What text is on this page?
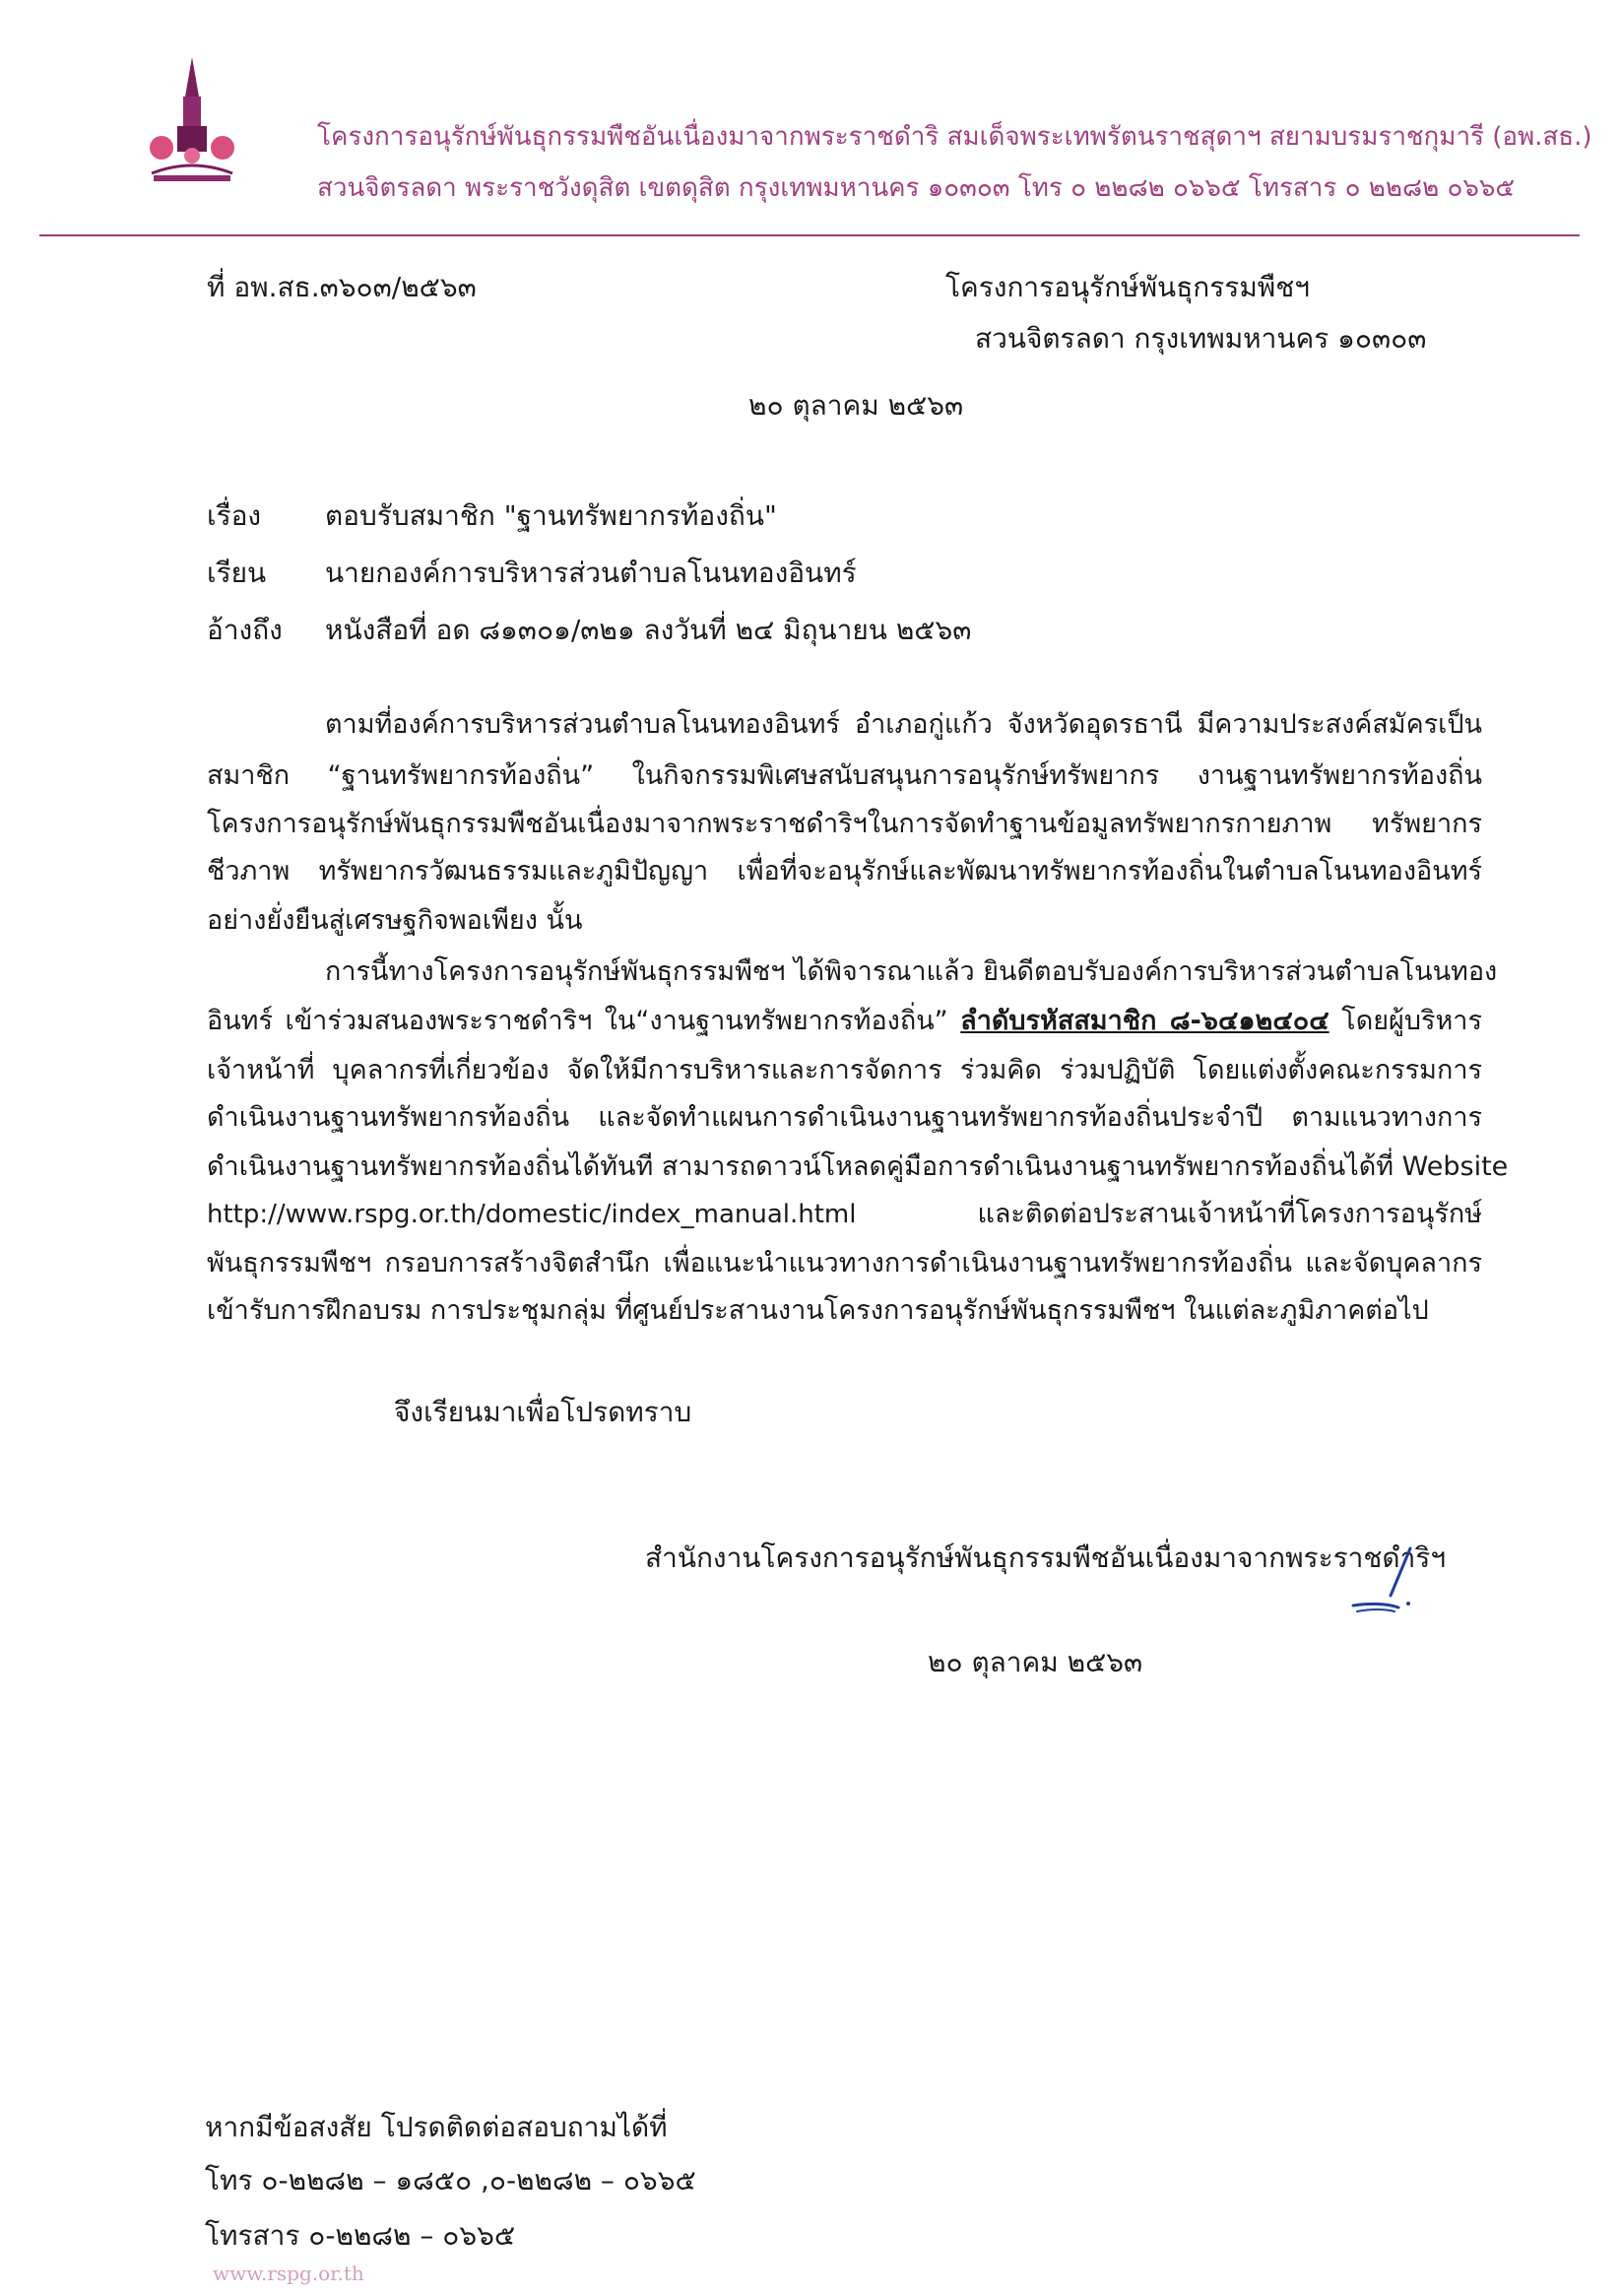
โครงการอนุรักษ์พันธุกรรมพืชอันเนื่องมาจากพระราชดำริ สมเด็จพระเทพรัตนราชสุดาฯ สยามบรมราชกุมารี (อพ.สธ.)
สวนจิตรลดา พระราชวังดุสิต เขตดุสิต กรุงเทพมหานคร ๑๐๓๐๓ โทร ๐ ๒๒๘๒ ๐๖๖๕ โทรสาร ๐ ๒๒๘๒ ๐๖๖๕
ที่ อพ.สธ.๓๖๐๓/๒๕๖๓	โครงการอนุรักษ์พันธุกรรมพืชฯ
สวนจิตรลดา กรุงเทพมหานคร ๑๐๓๐๓
๒๐ ตุลาคม ๒๕๖๓
เรื่อง ตอบรับสมาชิก "ฐานทรัพยากรท้องถิ่น"
เรียน นายกองค์การบริหารส่วนตำบลโนนทองอินทร์
อ้างถึง หนังสือที่ อด ๘๑๓๐๑/๓๒๑ ลงวันที่ ๒๔ มิถุนายน ๒๕๖๓
ตามที่องค์การบริหารส่วนตำบลโนนทองอินทร์ อำเภอกู่แก้ว จังหวัดอุดรธานี มีความประสงค์สมัครเป็น
สมาชิก “ฐานทรัพยากรท้องถิ่น” ในกิจกรรมพิเศษสนับสนุนการอนุรักษ์ทรัพยากร งานฐานทรัพยากรท้องถิ่น
โครงการอนุรักษ์พันธุกรรมพืชอันเนื่องมาจากพระราชดำริฯในการจัดทำฐานข้อมูลทรัพยากรกายภาพ ทรัพยากร
ชีวภาพ ทรัพยากรวัฒนธรรมและภูมิปัญญา เพื่อที่จะอนุรักษ์และพัฒนาทรัพยากรท้องถิ่นในตำบลโนนทองอินทร์
อย่างยั่งยืนสู่เศรษฐกิจพอเพียง นั้น
การนี้ทางโครงการอนุรักษ์พันธุกรรมพืชฯ ได้พิจารณาแล้ว ยินดีตอบรับองค์การบริหารส่วนตำบลโนนทอง
อินทร์ เข้าร่วมสนองพระราชดำริฯ ใน“งานฐานทรัพยากรท้องถิ่น” ลำดับรหัสสมาชิก ๘-๖๔๑๒๔๐๔ โดยผู้บริหาร
เจ้าหน้าที่ บุคลากรที่เกี่ยวข้อง จัดให้มีการบริหารและการจัดการ ร่วมคิด ร่วมปฏิบัติ โดยแต่งตั้งคณะกรรมการ
ดำเนินงานฐานทรัพยากรท้องถิ่น และจัดทำแผนการดำเนินงานฐานทรัพยากรท้องถิ่นประจำปี ตามแนวทางการ
ดำเนินงานฐานทรัพยากรท้องถิ่นได้ทันที สามารถดาวน์โหลดคู่มือการดำเนินงานฐานทรัพยากรท้องถิ่นได้ที่ Website
http://www.rspg.or.th/domestic/index_manual.html และติดต่อประสานเจ้าหน้าที่โครงการอนุรักษ์
พันธุกรรมพืชฯ กรอบการสร้างจิตสำนึก เพื่อแนะนำแนวทางการดำเนินงานฐานทรัพยากรท้องถิ่น และจัดบุคลากร
เข้ารับการฝึกอบรม การประชุมกลุ่ม ที่ศูนย์ประสานงานโครงการอนุรักษ์พันธุกรรมพืชฯ ในแต่ละภูมิภาคต่อไป
จึงเรียนมาเพื่อโปรดทราบ
สำนักงานโครงการอนุรักษ์พันธุกรรมพืชอันเนื่องมาจากพระราชดำริฯ
๒๐ ตุลาคม ๒๕๖๓
หากมีข้อสงสัย โปรดติดต่อสอบถามได้ที่
โทร ๐-๒๒๘๒ – ๑๘๕๐ ,๐-๒๒๘๒ – ๐๖๖๕
โทรสาร ๐-๒๒๘๒ – ๐๖๖๕
www.rspg.or.th
